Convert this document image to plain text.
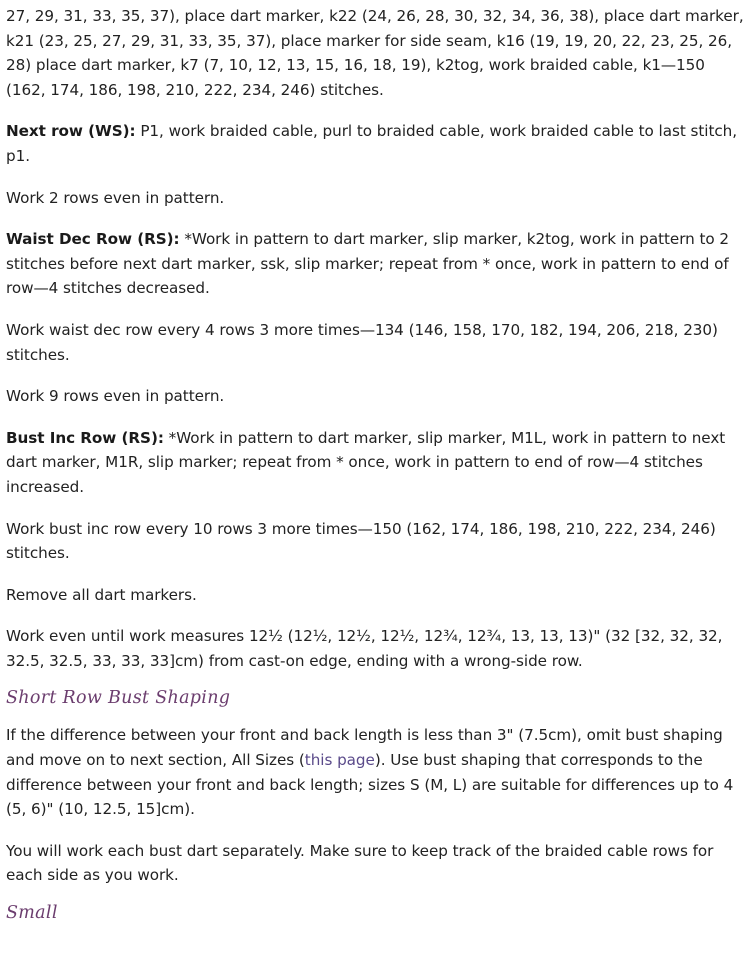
27, 29, 31, 33, 35, 37), place dart marker, k22 (24, 26, 28, 30, 32, 34, 36, 38), place dart marker, k21 (23, 25, 27, 29, 31, 33, 35, 37), place marker for side seam, k16 (19, 19, 20, 22, 23, 25, 26, 28) place dart marker, k7 (7, 10, 12, 13, 15, 16, 18, 19), k2tog, work braided cable, k1—150 (162, 174, 186, 198, 210, 222, 234, 246) stitches.

Next row (WS): P1, work braided cable, purl to braided cable, work braided cable to last stitch, p1.

Work 2 rows even in pattern.

Waist Dec Row (RS): *Work in pattern to dart marker, slip marker, k2tog, work in pattern to 2 stitches before next dart marker, ssk, slip marker; repeat from * once, work in pattern to end of row—4 stitches decreased.

Work waist dec row every 4 rows 3 more times—134 (146, 158, 170, 182, 194, 206, 218, 230) stitches.

Work 9 rows even in pattern.

Bust Inc Row (RS): *Work in pattern to dart marker, slip marker, M1L, work in pattern to next dart marker, M1R, slip marker; repeat from * once, work in pattern to end of row—4 stitches increased.

Work bust inc row every 10 rows 3 more times—150 (162, 174, 186, 198, 210, 222, 234, 246) stitches.

Remove all dart markers.

Work even until work measures 12½ (12½, 12½, 12½, 12¾, 12¾, 13, 13, 13)" (32 [32, 32, 32, 32.5, 32.5, 33, 33, 33]cm) from cast-on edge, ending with a wrong-side row.

Short Row Bust Shaping

If the difference between your front and back length is less than 3" (7.5cm), omit bust shaping and move on to next section, All Sizes (this page). Use bust shaping that corresponds to the difference between your front and back length; sizes S (M, L) are suitable for differences up to 4 (5, 6)" (10, 12.5, 15]cm).

You will work each bust dart separately. Make sure to keep track of the braided cable rows for each side as you work.

Small
